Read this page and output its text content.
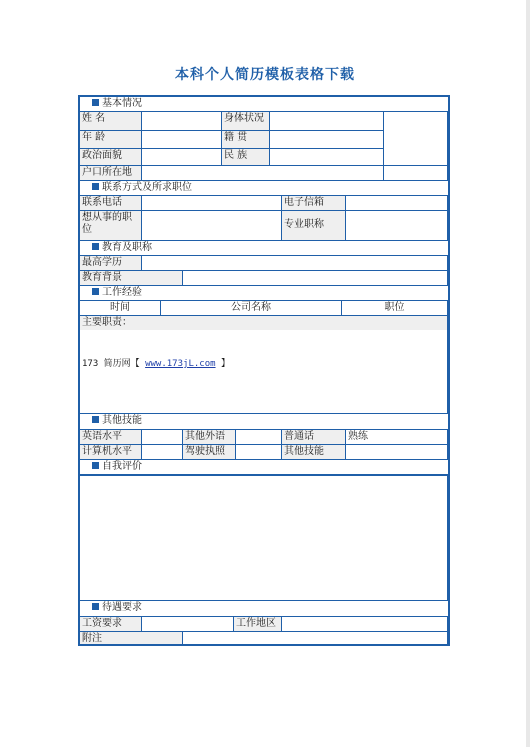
本科个人简历模板表格下载
基本情况
姓 名	身体状况
年 龄	籍 贯
政治面貌	民 族
户口所在地
联系方式及所求职位
联系电话	电子信箱
想从事的职位	专业职称
教育及职称
最高学历
教育背景
工作经验
时间	公司名称	职位
主要职责：
173 简历网【 www.173jL.com 】
其他技能
英语水平	其他外语	普通话	熟练
计算机水平	驾驶执照	其他技能
自我评价
待遇要求
工资要求	工作地区
附注
